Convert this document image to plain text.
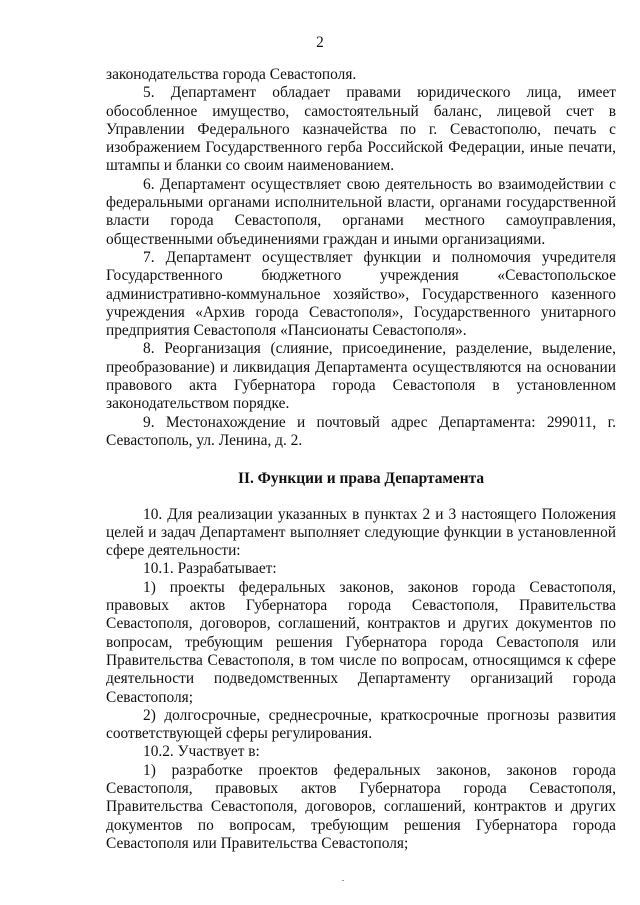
2

законодательства города Севастополя.

5. Департамент обладает правами юридического лица, имеет обособленное имущество, самостоятельный баланс, лицевой счет в Управлении Федерального казначейства по г. Севастополю, печать с изображением Государственного герба Российской Федерации, иные печати, штампы и бланки со своим наименованием.

6. Департамент осуществляет свою деятельность во взаимодействии с федеральными органами исполнительной власти, органами государственной власти города Севастополя, органами местного самоуправления, общественными объединениями граждан и иными организациями.

7. Департамент осуществляет функции и полномочия учредителя Государственного бюджетного учреждения «Севастопольское административно-коммунальное хозяйство», Государственного казенного учреждения «Архив города Севастополя», Государственного унитарного предприятия Севастополя «Пансионаты Севастополя».

8. Реорганизация (слияние, присоединение, разделение, выделение, преобразование) и ликвидация Департамента осуществляются на основании правового акта Губернатора города Севастополя в установленном законодательством порядке.

9. Местонахождение и почтовый адрес Департамента: 299011, г. Севастополь, ул. Ленина, д. 2.

II. Функции и права Департамента

10. Для реализации указанных в пунктах 2 и 3 настоящего Положения целей и задач Департамент выполняет следующие функции в установленной сфере деятельности:

10.1. Разрабатывает:

1) проекты федеральных законов, законов города Севастополя, правовых актов Губернатора города Севастополя, Правительства Севастополя, договоров, соглашений, контрактов и других документов по вопросам, требующим решения Губернатора города Севастополя или Правительства Севастополя, в том числе по вопросам, относящимся к сфере деятельности подведомственных Департаменту организаций города Севастополя;

2) долгосрочные, среднесрочные, краткосрочные прогнозы развития соответствующей сферы регулирования.

10.2. Участвует в:

1) разработке проектов федеральных законов, законов города Севастополя, правовых актов Губернатора города Севастополя, Правительства Севастополя, договоров, соглашений, контрактов и других документов по вопросам, требующим решения Губернатора города Севастополя или Правительства Севастополя;
